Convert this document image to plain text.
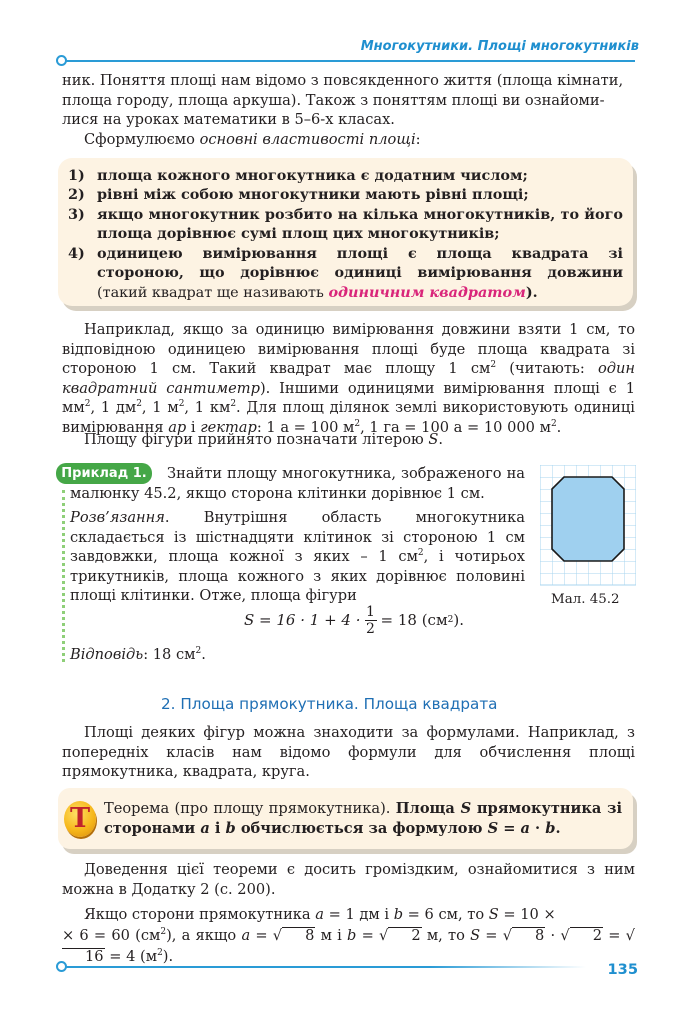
Многокутники. Площі многокутників

ник. Поняття площі нам відомо з повсякденного життя (площа кімнати,
площа городу, площа аркуша). Також з поняттям площі ви ознайоми-
лися на уроках математики в 5–6-х класах.

Сформулюємо основні властивості площі:

1) площа кожного многокутника є додатним числом;
2) рівні між собою многокутники мають рівні площі;
3) якщо многокутник розбито на кілька многокутників, то його площа дорівнює сумі площ цих многокутників;
4) одиницею вимірювання площі є площа квадрата зі стороною, що дорівнює одиниці вимірювання довжини (такий квадрат ще називають одиничним квадратом).

Наприклад, якщо за одиницю вимірювання довжини взяти 1 см, то відповідною одиницею вимірювання площі буде площа квадрата зі стороною 1 см. Такий квадрат має площу 1 $см^2$ (читають: один квадратний сантиметр). Іншими одиницями вимірювання площі є 1 $мм^2$, 1 $дм^2$, 1 $м^2$, 1 $км^2$. Для площ ділянок землі використовують одиниці вимірювання ар і гектар: 1 а = 100 $м^2$, 1 га = 100 а = 10 000 $м^2$.

Площу фігури прийнято позначати літерою S.

Приклад 1.	Знайти площу многокутника, зображеного на малюнку 45.2, якщо сторона клітинки дорівнює 1 см.

Розв’язання. Внутрішня область многокутника складається із шістнадцяти клітинок зі стороною 1 см завдовжки, площа кожної з яких – 1 $см^2$, і чотирьох трикутників, площа кожного з яких дорівнює половині площі клітинки. Отже, площа фігури

$S = 16 \cdot 1 + 4 \cdot \frac{1}{2} = 18$ (см 2 ).

Відповідь: 18 $см^2$.

Мал. 45.2
2. Площа прямокутника. Площа квадрата

Площі деяких фігур можна знаходити за формулами. Наприклад, з попередніх класів нам відомо формули для обчислення площі прямокутника, квадрата, круга.

Т Теорема (про площу прямокутника). Площа S прямокутника зі сторонами a і b обчислюється за формулою S = a · b.

Доведення цієї теореми є досить громіздким, ознайомитися з ним можна в Додатку 2 (с. 200).

Якщо сторони прямокутника a = 1 дм і b = 6 см, то S = 10 ×
× 6 = 60 $(см^2)$, а якщо a = √ 8 м і b = √ 2 м, то S = √ 8 · √ 2 = √16 = 4 $(м^2)$.

135
